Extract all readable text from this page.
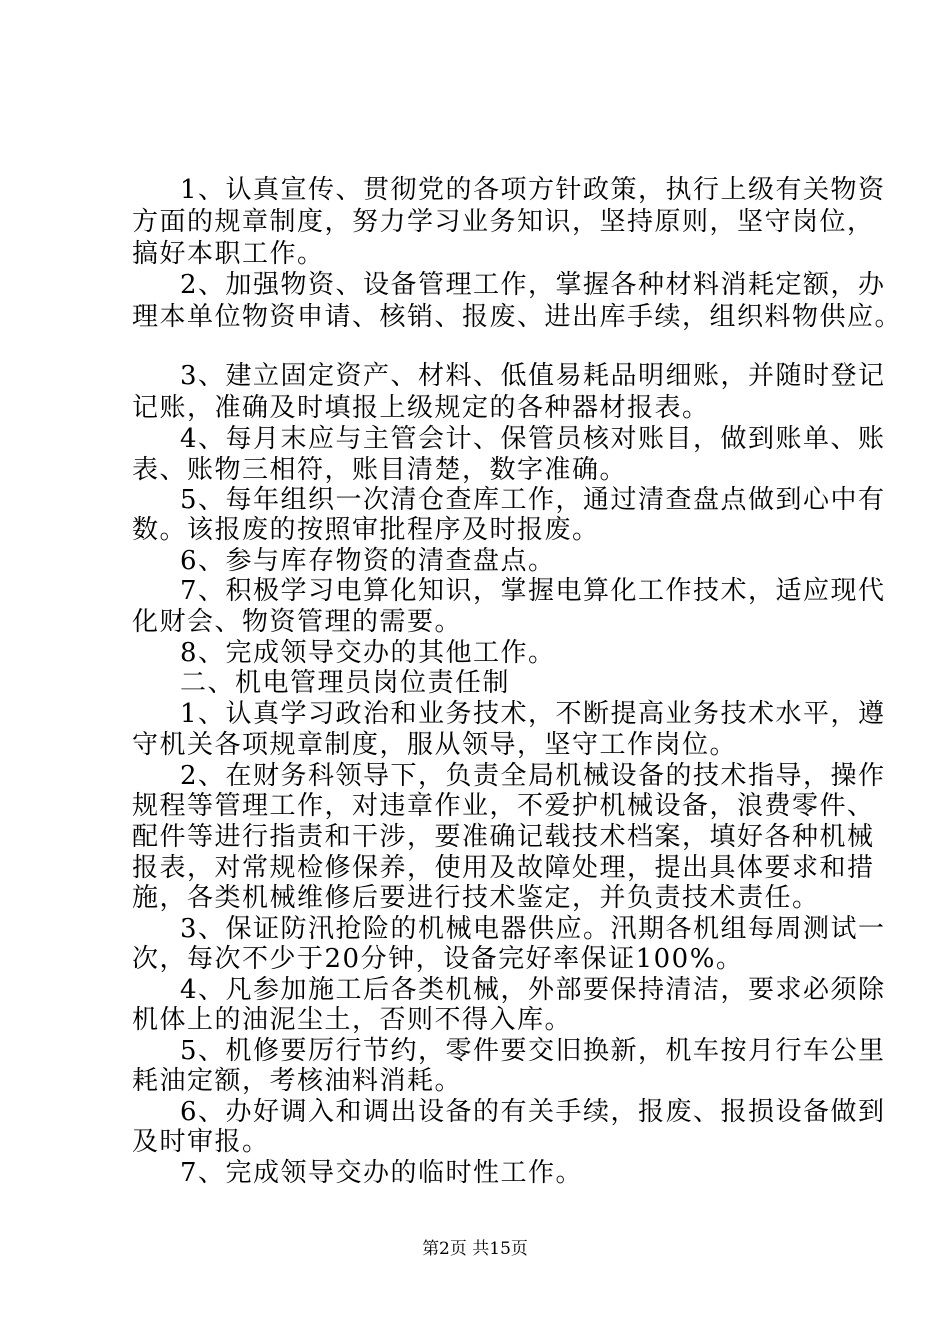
1、认真宣传、贯彻党的各项方针政策，执行上级有关物资
方面的规章制度，努力学习业务知识，坚持原则，坚守岗位，
搞好本职工作。
2、加强物资、设备管理工作，掌握各种材料消耗定额，办
理本单位物资申请、核销、报废、进出库手续，组织料物供应。
3、建立固定资产、材料、低值易耗品明细账，并随时登记
记账，准确及时填报上级规定的各种器材报表。
4、每月末应与主管会计、保管员核对账目，做到账单、账
表、账物三相符，账目清楚，数字准确。
5、每年组织一次清仓查库工作，通过清查盘点做到心中有
数。该报废的按照审批程序及时报废。
6、参与库存物资的清查盘点。
7、积极学习电算化知识，掌握电算化工作技术，适应现代
化财会、物资管理的需要。
8、完成领导交办的其他工作。
二、机电管理员岗位责任制
1、认真学习政治和业务技术，不断提高业务技术水平，遵
守机关各项规章制度，服从领导，坚守工作岗位。
2、在财务科领导下，负责全局机械设备的技术指导，操作
规程等管理工作，对违章作业，不爱护机械设备，浪费零件、
配件等进行指责和干涉，要准确记载技术档案，填好各种机械
报表，对常规检修保养，使用及故障处理，提出具体要求和措
施，各类机械维修后要进行技术鉴定，并负责技术责任。
3、保证防汛抢险的机械电器供应。汛期各机组每周测试一
次，每次不少于20分钟，设备完好率保证100%。
4、凡参加施工后各类机械，外部要保持清洁，要求必须除
机体上的油泥尘土，否则不得入库。
5、机修要厉行节约，零件要交旧换新，机车按月行车公里
耗油定额，考核油料消耗。
6、办好调入和调出设备的有关手续，报废、报损设备做到
及时审报。
7、完成领导交办的临时性工作。
第2页 共15页
